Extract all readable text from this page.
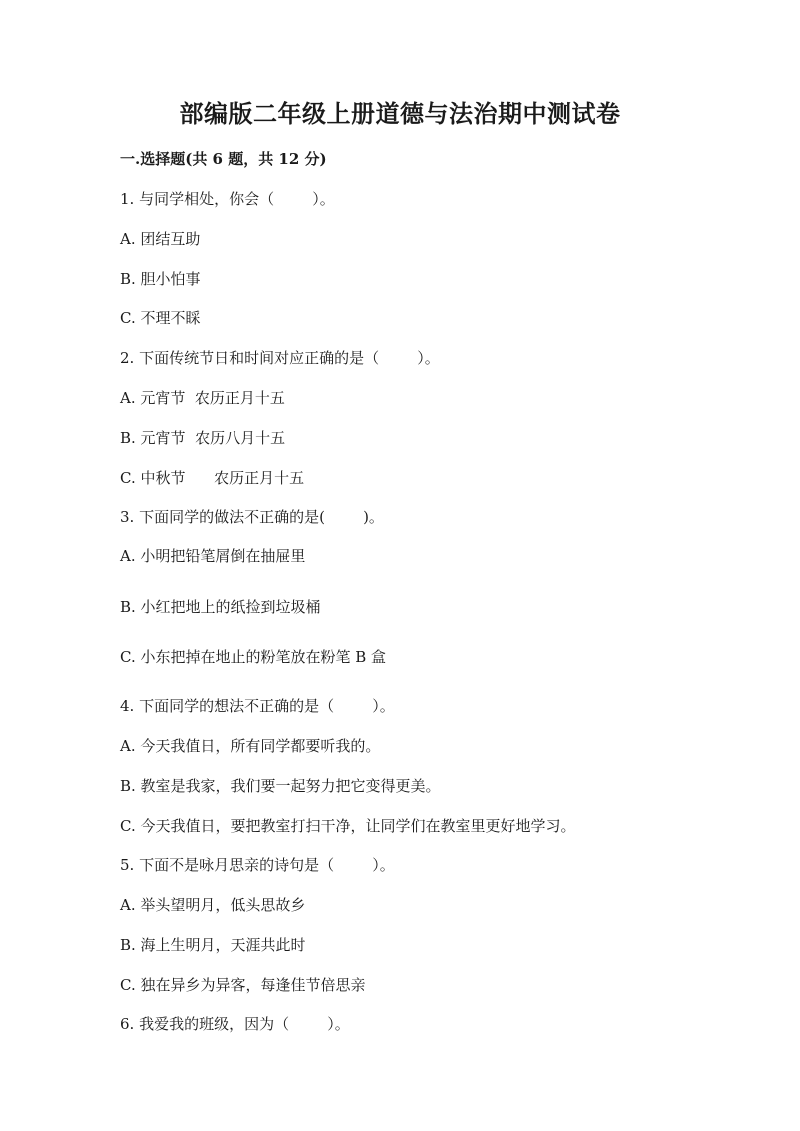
部编版二年级上册道德与法治期中测试卷
一.选择题(共 6 题，共 12 分)
1. 与同学相处，你会（        ）。
A. 团结互助
B. 胆小怕事
C. 不理不睬
2. 下面传统节日和时间对应正确的是（        ）。
A. 元宵节  农历正月十五
B. 元宵节  农历八月十五
C. 中秋节      农历正月十五
3. 下面同学的做法不正确的是(        )。
A. 小明把铅笔屑倒在抽屉里
B. 小红把地上的纸捡到垃圾桶
C. 小东把掉在地止的粉笔放在粉笔 B 盒
4. 下面同学的想法不正确的是（        ）。
A. 今天我值日，所有同学都要听我的。
B. 教室是我家，我们要一起努力把它变得更美。
C. 今天我值日，要把教室打扫干净，让同学们在教室里更好地学习。
5. 下面不是咏月思亲的诗句是（        ）。
A. 举头望明月，低头思故乡
B. 海上生明月，天涯共此时
C. 独在异乡为异客，每逢佳节倍思亲
6. 我爱我的班级，因为（        ）。
